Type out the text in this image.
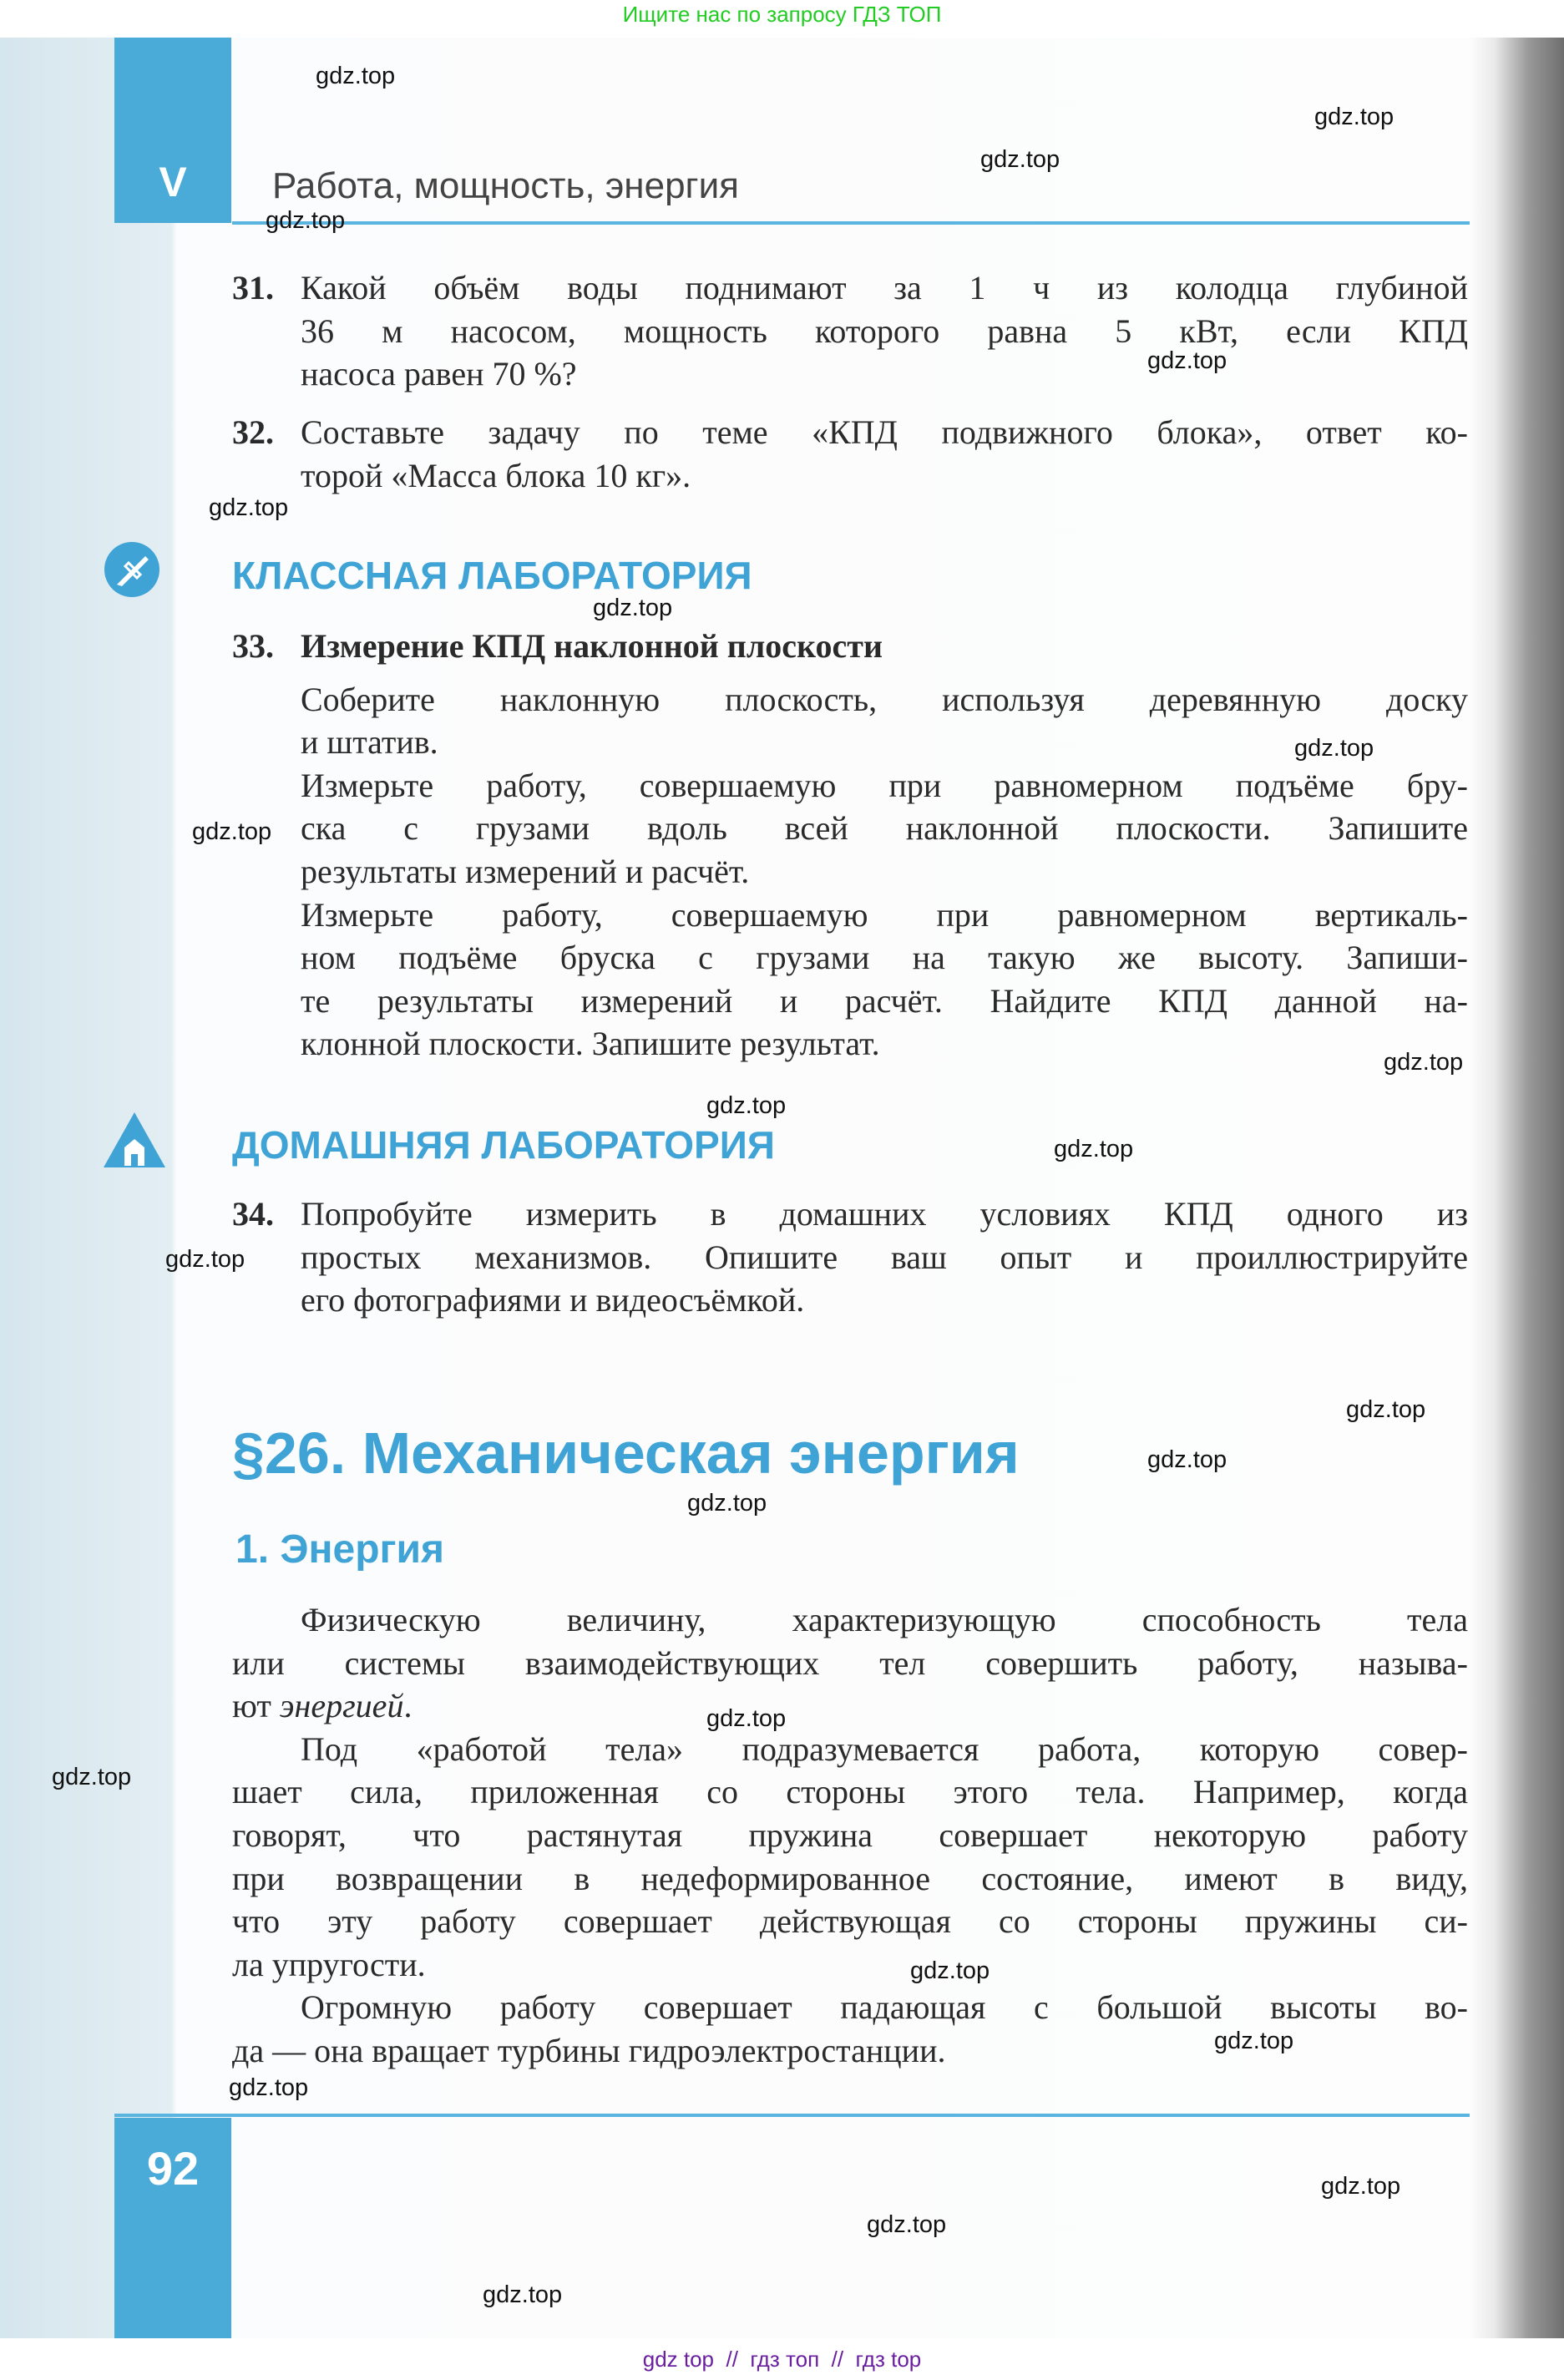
Ищите нас по запросу ГДЗ ТОП
V	Работа, мощность, энергия
31. Какой объём воды поднимают за 1 ч из колодца глубиной
36 м насосом, мощность которого равна 5 кВт, если КПД
насоса равен 70 %?
32. Составьте задачу по теме «КПД подвижного блока», ответ ко-
торой «Масса блока 10 кг».
КЛАССНАЯ ЛАБОРАТОРИЯ
33. Измерение КПД наклонной плоскости
Соберите наклонную плоскость, используя деревянную доску
и штатив.
Измерьте работу, совершаемую при равномерном подъёме бру-
ска с грузами вдоль всей наклонной плоскости. Запишите
результаты измерений и расчёт.
Измерьте работу, совершаемую при равномерном вертикаль-
ном подъёме бруска с грузами на такую же высоту. Запиши-
те результаты измерений и расчёт. Найдите КПД данной на-
клонной плоскости. Запишите результат.
ДОМАШНЯЯ ЛАБОРАТОРИЯ
34. Попробуйте измерить в домашних условиях КПД одного из
простых механизмов. Опишите ваш опыт и проиллюстрируйте
его фотографиями и видеосъёмкой.
§26. Механическая энергия
1. Энергия
Физическую величину, характеризующую способность тела
или системы взаимодействующих тел совершить работу, называ-
ют энергией.
Под «работой тела» подразумевается работа, которую совер-
шает сила, приложенная со стороны этого тела. Например, когда
говорят, что растянутая пружина совершает некоторую работу
при возвращении в недеформированное состояние, имеют в виду,
что эту работу совершает действующая со стороны пружины си-
ла упругости.
Огромную работу совершает падающая с большой высоты во-
да — она вращает турбины гидроэлектростанции.
92
gdz top  //  гдз топ  //  гдз top
gdz.top
gdz.top
gdz.top
gdz.top
gdz.top
gdz.top
gdz.top
gdz.top
gdz.top
gdz.top
gdz.top
gdz.top
gdz.top
gdz.top
gdz.top
gdz.top
gdz.top
gdz.top
gdz.top
gdz.top
gdz.top
gdz.top
gdz.top
gdz.top
